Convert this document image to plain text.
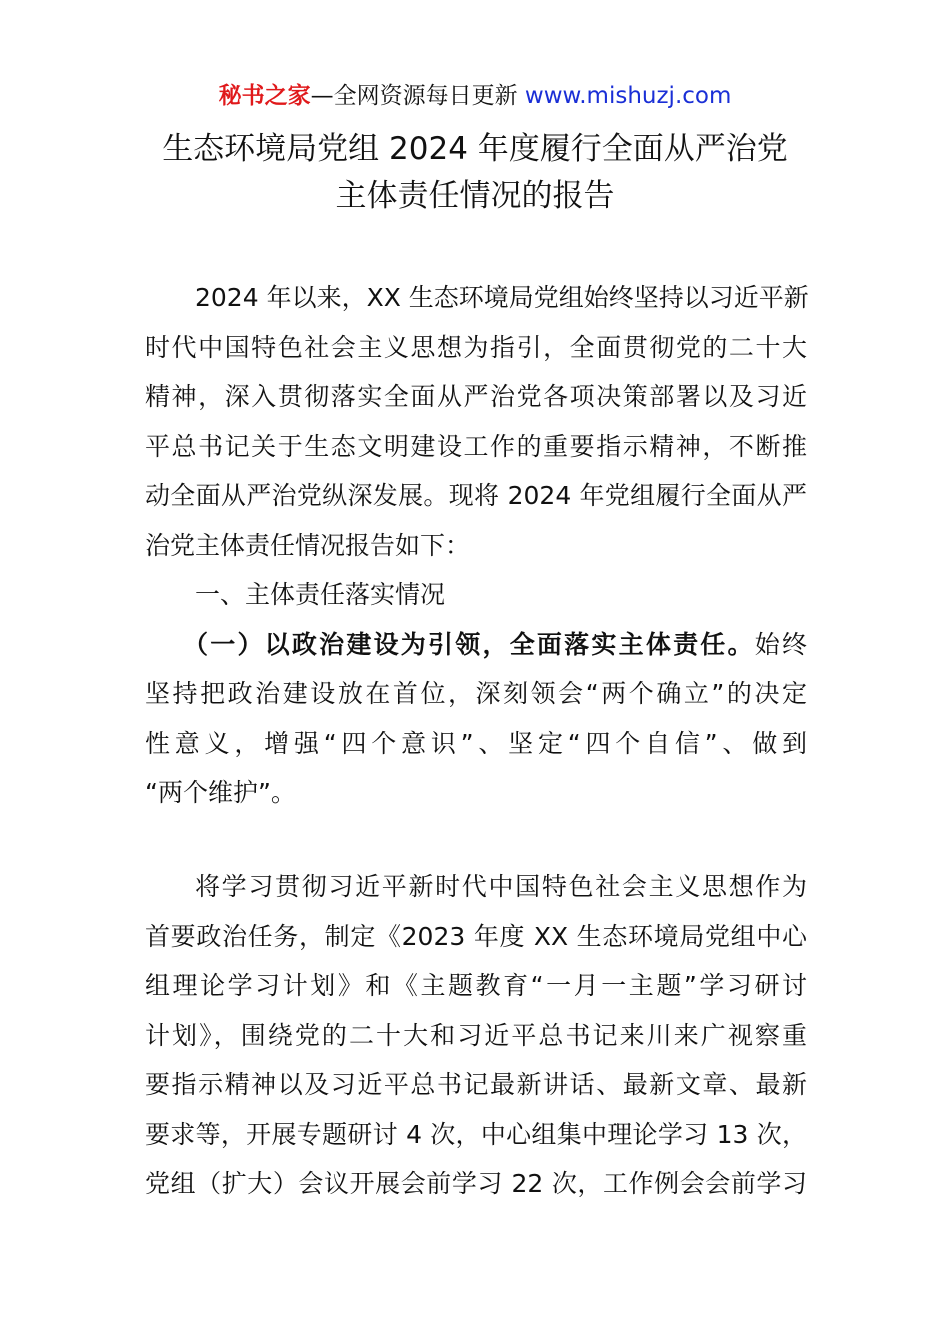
秘书之家—全网资源每日更新 www.mishuzj.com
生态环境局党组 2024 年度履行全面从严治党
主体责任情况的报告
2024 年以来，XX 生态环境局党组始终坚持以习近平新
时代中国特色社会主义思想为指引，全面贯彻党的二十大
精神，深入贯彻落实全面从严治党各项决策部署以及习近
平总书记关于生态文明建设工作的重要指示精神，不断推
动全面从严治党纵深发展。现将 2024 年党组履行全面从严
治党主体责任情况报告如下：
一、主体责任落实情况
（一）以政治建设为引领，全面落实主体责任。始终
坚持把政治建设放在首位，深刻领会“两个确立”的决定
性意义，增强“四个意识”、坚定“四个自信”、做到
“两个维护”。
将学习贯彻习近平新时代中国特色社会主义思想作为
首要政治任务，制定《2023 年度 XX 生态环境局党组中心
组理论学习计划》和《主题教育“一月一主题”学习研讨
计划》，围绕党的二十大和习近平总书记来川来广视察重
要指示精神以及习近平总书记最新讲话、最新文章、最新
要求等，开展专题研讨 4 次，中心组集中理论学习 13 次，
党组（扩大）会议开展会前学习 22 次，工作例会会前学习
